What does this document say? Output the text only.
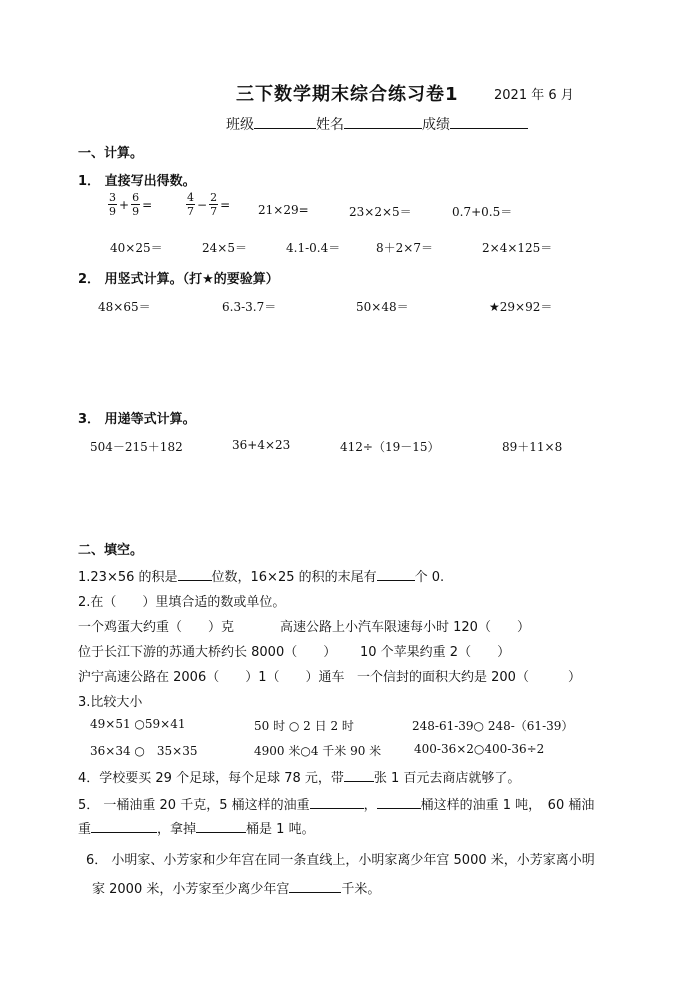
三下数学期末综合练习卷1	2021 年 6 月
班级	姓名	成绩
一、计算。
1． 直接写出得数。
$\frac{3}{9} + \frac{6}{9}$ =	$\frac{4}{7} - \frac{2}{7} = 21\times 29=$	23×2×5＝	0.7+0.5＝
40×25＝	24×5＝	4.1-0.4＝	8＋2×7＝	2×4×125＝
2． 用竖式计算。（打★的要验算）
48×65＝	6.3-3.7＝	50×48＝	★29×92＝
3． 用递等式计算。
504－215＋182	36+4×23	412÷（19－15）	89＋11×8
二、填空。
1.23×56 的积是	位数，16×25 的积的末尾有	个 0.
2.在（　　）里填合适的数或单位。
一个鸡蛋大约重（　　）克	高速公路上小汽车限速每小时 120（　　）
位于长江下游的苏通大桥约长 8000（　　） 10 个苹果约重 2（　　）
沪宁高速公路在 2006（　　）1（　　）通车 一个信封的面积大约是 200（　　　）
3.比较大小
49×51 ○59×41	50 时 ○ 2 日 2 时	248-61-39○ 248-（61-39）
36×34 ○　35×35	4900 米○4 千米 90 米	400-36×2○400-36÷2
4．学校要买 29 个足球，每个足球 78 元，带 张 1 百元去商店就够了。
5． 一桶油重 20 千克，5 桶这样的油重	，	桶这样的油重 1 吨，　60 桶油
重	，拿掉	桶是 1 吨。
6． 小明家、小芳家和少年宫在同一条直线上，小明家离少年宫 5000 米，小芳家离小明
家 2000 米，小芳家至少离少年宫	千米。
